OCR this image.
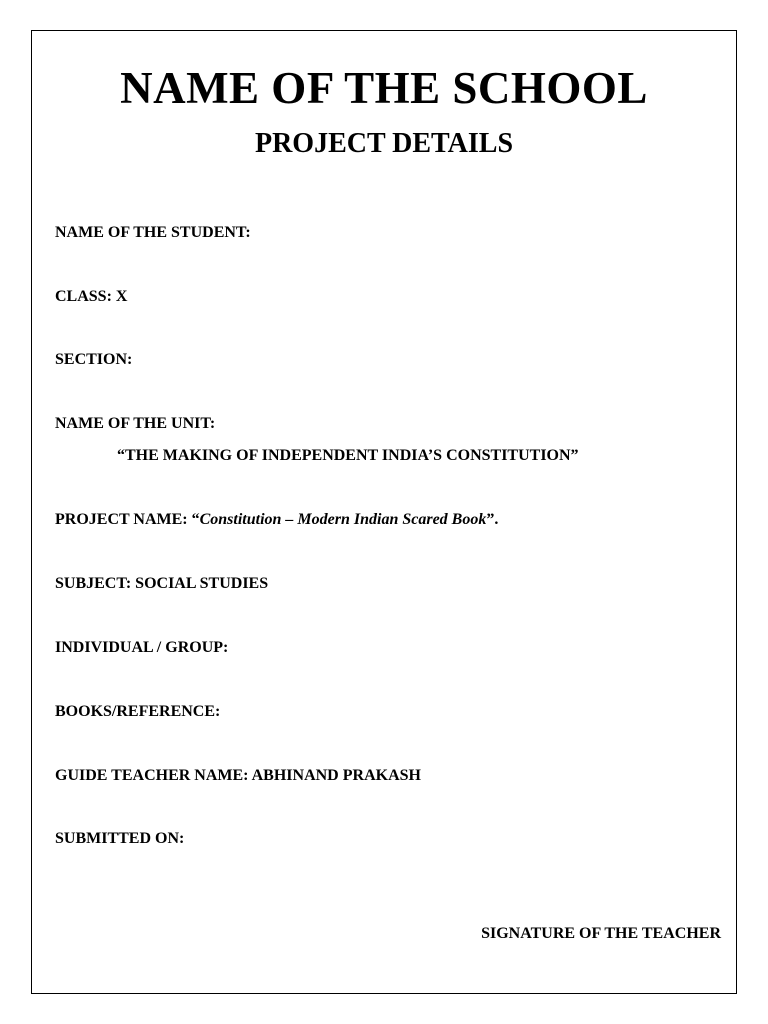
NAME OF THE SCHOOL
PROJECT DETAILS
NAME OF THE STUDENT:
CLASS: X
SECTION:
NAME OF THE UNIT:
“THE MAKING OF INDEPENDENT INDIA’S CONSTITUTION”
PROJECT NAME: “Constitution – Modern Indian Scared Book”.
SUBJECT: SOCIAL STUDIES
INDIVIDUAL / GROUP:
BOOKS/REFERENCE:
GUIDE TEACHER NAME: ABHINAND PRAKASH
SUBMITTED ON:
SIGNATURE OF THE TEACHER
